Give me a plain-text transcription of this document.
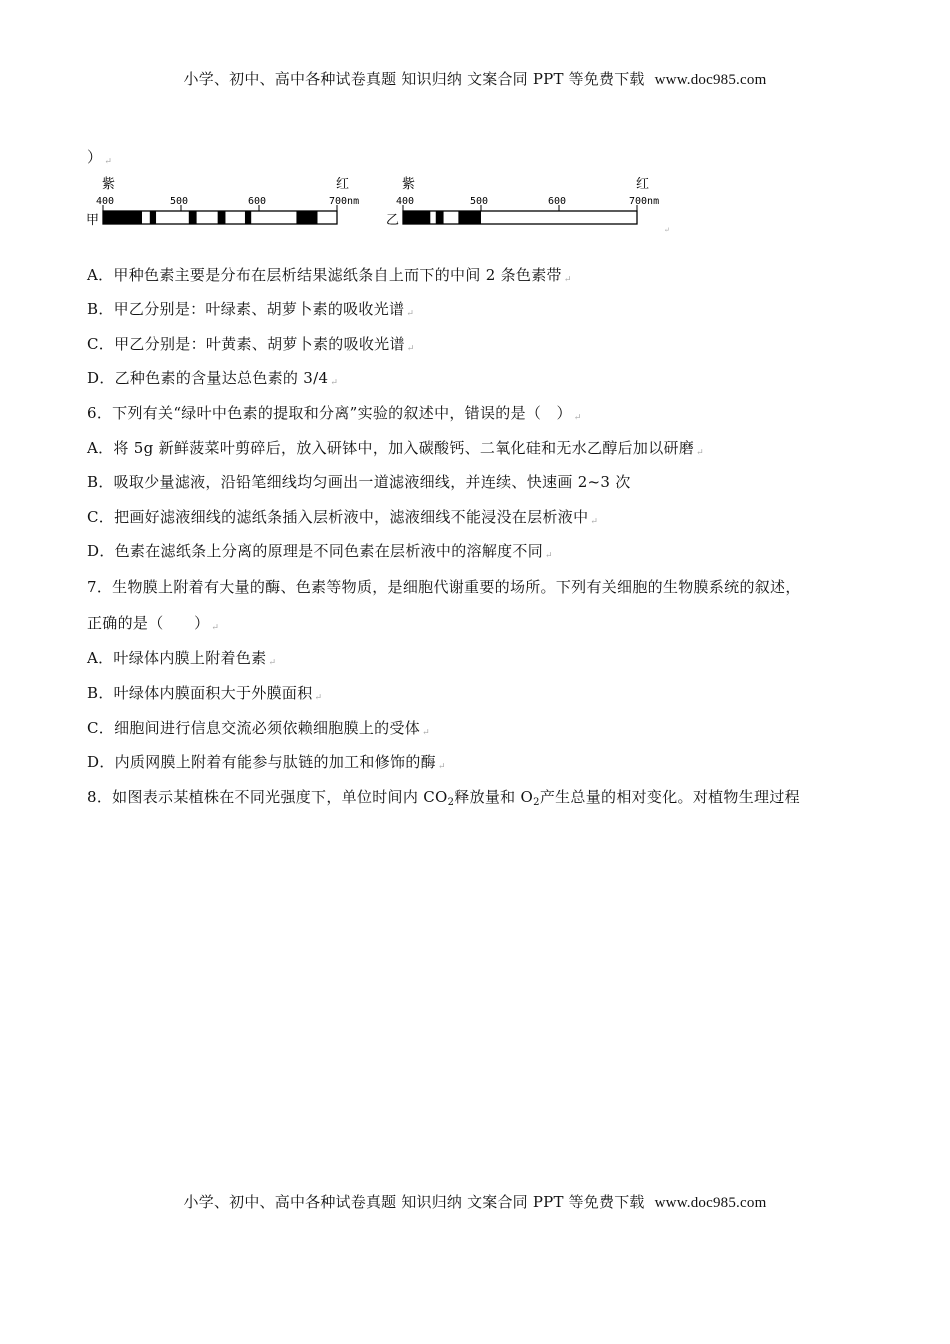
小学、初中、高中各种试卷真题 知识归纳 文案合同 PPT 等免费下载 www.doc985.com
） ↵
紫	红
400	500	600	700nm
甲
紫	红
400	500	600	700nm
乙
↵
A．甲种色素主要是分布在层析结果滤纸条自上而下的中间 2 条色素带 ↵
B．甲乙分别是：叶绿素、胡萝卜素的吸收光谱 ↵
C．甲乙分别是：叶黄素、胡萝卜素的吸收光谱 ↵
D．乙种色素的含量达总色素的 3/4 ↵
6．下列有关“绿叶中色素的提取和分离”实验的叙述中，错误的是（　） ↵
A．将 5g 新鲜菠菜叶剪碎后，放入研钵中，加入碳酸钙、二氧化硅和无水乙醇后加以研磨 ↵
B．吸取少量滤液，沿铅笔细线均匀画出一道滤液细线，并连续、快速画 2~3 次
C．把画好滤液细线的滤纸条插入层析液中，滤液细线不能浸没在层析液中 ↵
D．色素在滤纸条上分离的原理是不同色素在层析液中的溶解度不同 ↵
7．生物膜上附着有大量的酶、色素等物质，是细胞代谢重要的场所。下列有关细胞的生物膜系统的叙述，
正确的是（　　） ↵
A．叶绿体内膜上附着色素 ↵
B．叶绿体内膜面积大于外膜面积 ↵
C．细胞间进行信息交流必须依赖细胞膜上的受体 ↵
D．内质网膜上附着有能参与肽链的加工和修饰的酶 ↵
8．如图表示某植株在不同光强度下，单位时间内 $CO_2$释放量和 $O_2$产生总量的相对变化。对植物生理过程
小学、初中、高中各种试卷真题 知识归纳 文案合同 PPT 等免费下载 www.doc985.com
